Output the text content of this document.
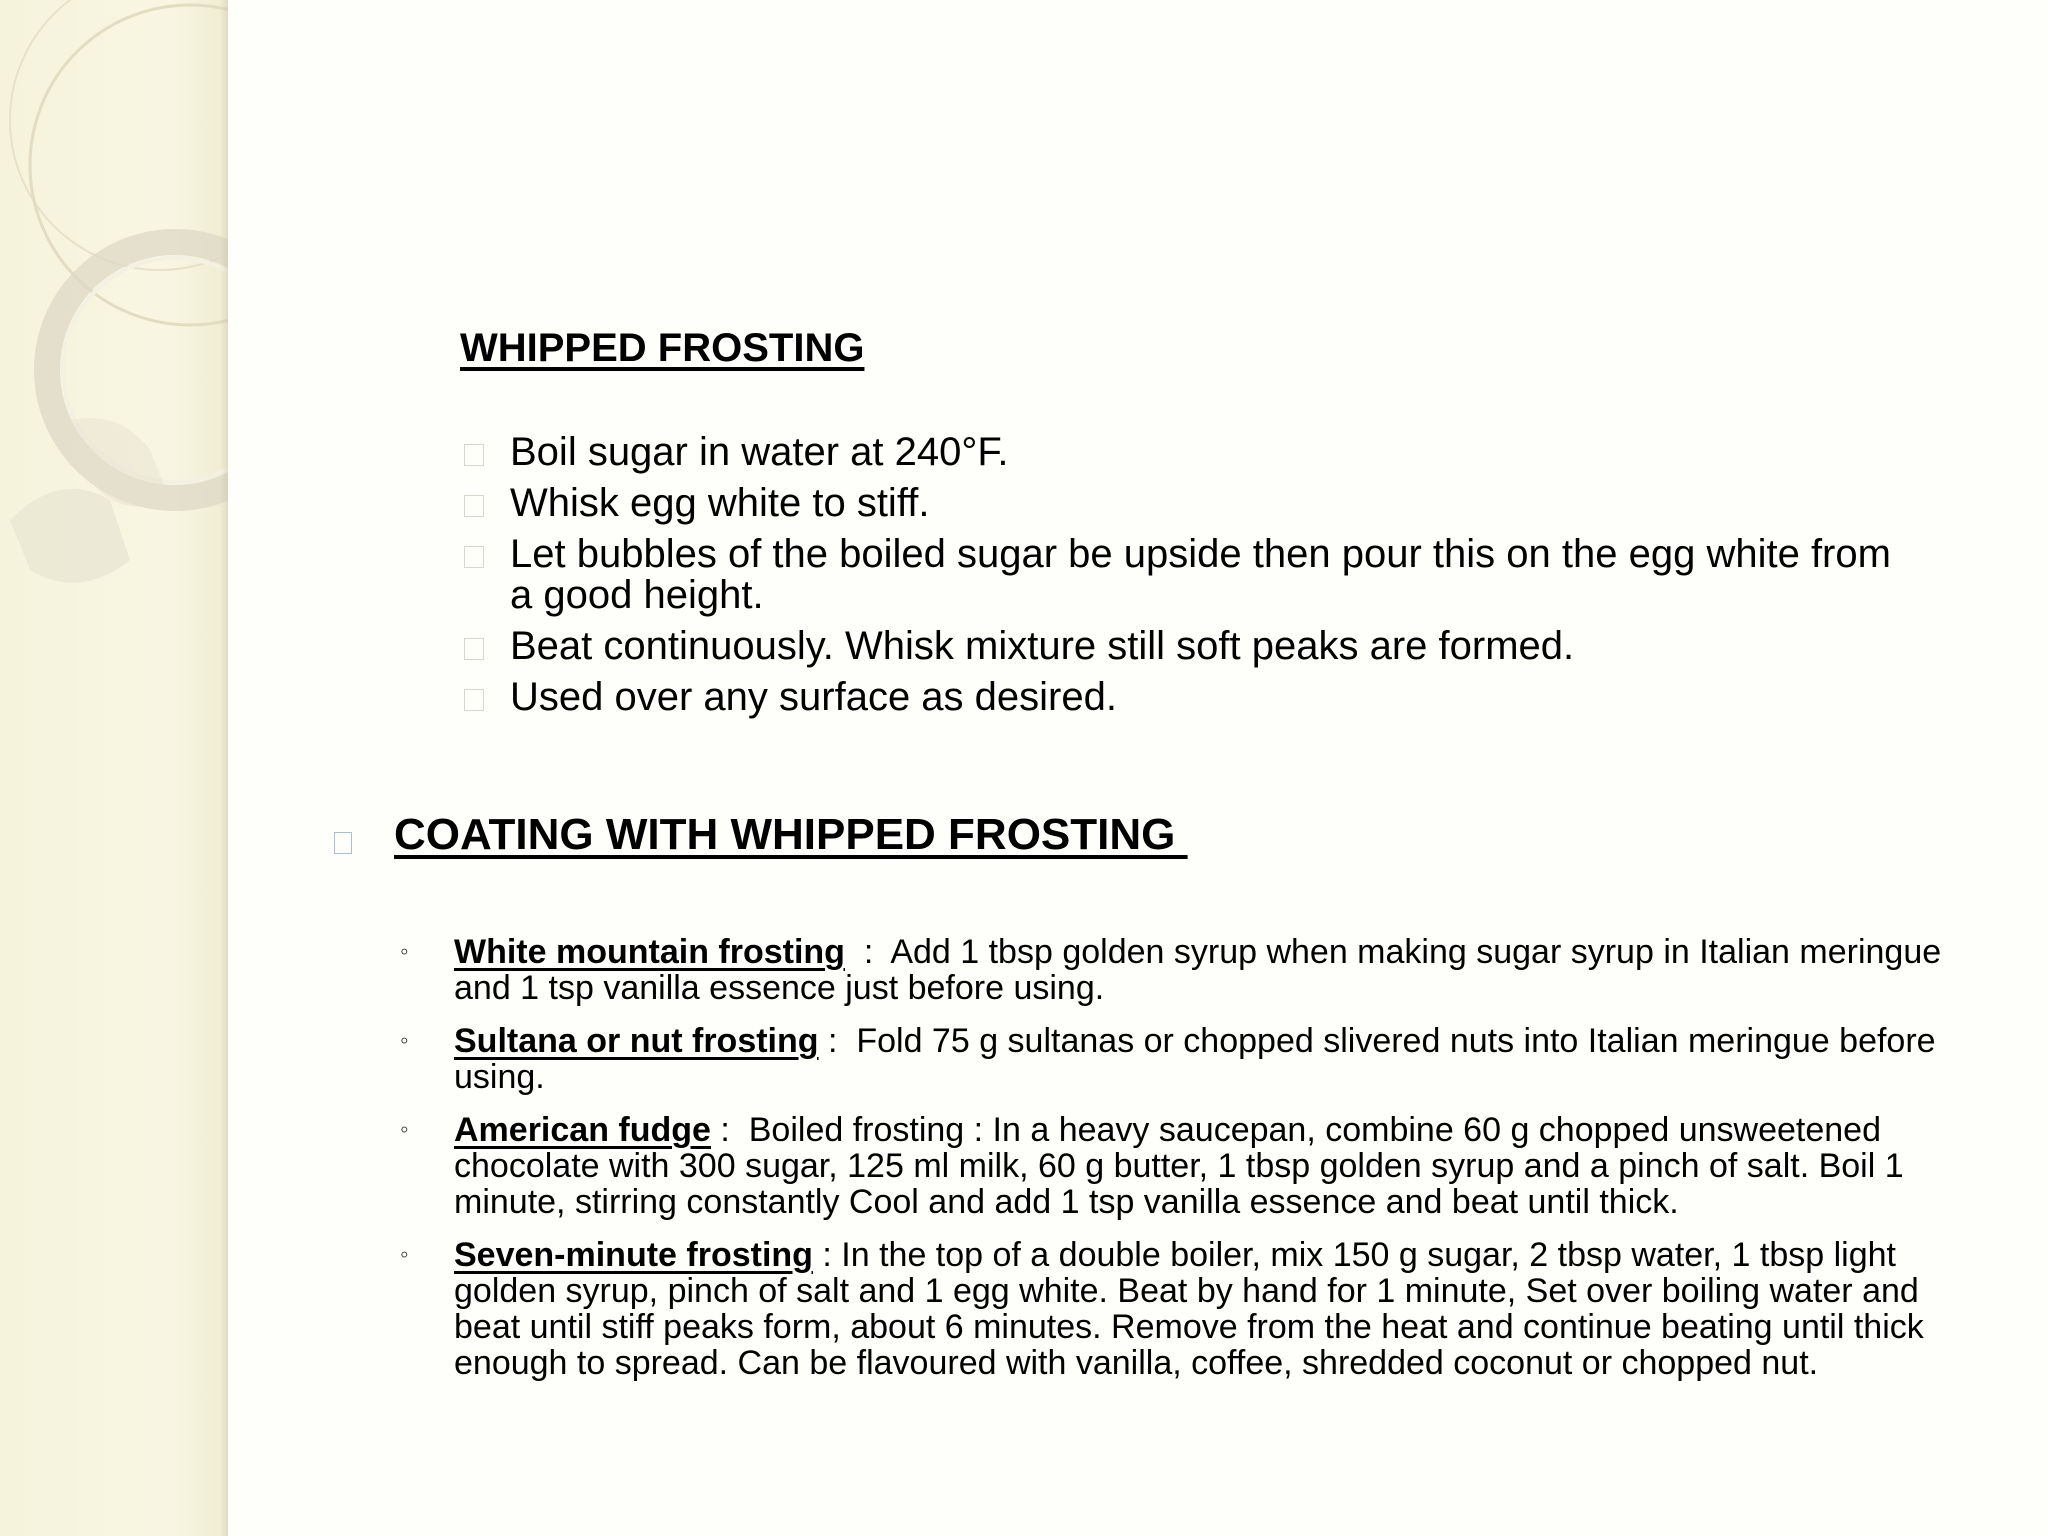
WHIPPED FROSTING
Boil sugar in water at 240°F.
Whisk egg white to stiff.
Let bubbles of the boiled sugar be upside then pour this on the egg white from a good height.
Beat continuously. Whisk mixture still soft peaks are formed.
Used over any surface as desired.
COATING WITH WHIPPED FROSTING
◦ White mountain frosting  :  Add 1 tbsp golden syrup when making sugar syrup in Italian meringue and 1 tsp vanilla essence just before using.
◦ Sultana or nut frosting :  Fold 75 g sultanas or chopped slivered nuts into Italian meringue before using.
◦ American fudge :  Boiled frosting : In a heavy saucepan, combine 60 g chopped unsweetened chocolate with 300 sugar, 125 ml milk, 60 g butter, 1 tbsp golden syrup and a pinch of salt. Boil 1 minute, stirring constantly Cool and add 1 tsp vanilla essence and beat until thick.
◦ Seven-minute frosting : In the top of a double boiler, mix 150 g sugar, 2 tbsp water, 1 tbsp light golden syrup, pinch of salt and 1 egg white. Beat by hand for 1 minute, Set over boiling water and beat until stiff peaks form, about 6 minutes. Remove from the heat and continue beating until thick enough to spread. Can be flavoured with vanilla, coffee, shredded coconut or chopped nut.
